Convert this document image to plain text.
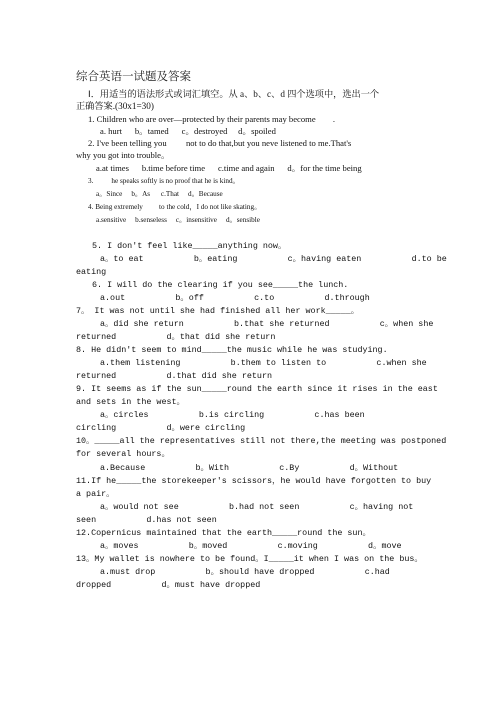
综合英语一试题及答案
Ⅰ．用适当的语法形式或词汇填空。从 a、b、c、d 四个选项中，选出一个
正确答案.(30x1=30)
1. Children who are over—protected by their parents may become        .
a. hurt      b。tamed      c。destroyed     d。spoiled
2. I've been telling you         not to do that,but you neve listened to me.That's
why you got into trouble。
a.at times      b.time before time      c.time and again      d。for the time being
3.          he speaks softly is no proof that he is kind。
a。Since     b。As      c.That     d。Because
4. Being extremely         to the cold，I do not like skating。
a.sensitive     b.senseless     c。insensitive     d。sensible
5. I don't feel like_____anything now。
a。to eat          b。eating          c。having eaten          d.to be
eating
6. I will do the clearing if you see_____the lunch.
a.out          b。off          c.to          d.through
7。 It was not until she had finished all her work_____。
a。did she return          b.that she returned          c。when she
returned          d。that did she return
8. He didn't seem to mind_____the music while he was studying.
a.them listening          b.them to listen to          c.when she
returned          d.that did she return
9. It seems as if the sun_____round the earth since it rises in the east
and sets in the west。
a。circles          b.is circling          c.has been
circling          d。were circling
10。_____all the representatives still not there,the meeting was postponed
for several hours。
a.Because          b。With          c.By          d。Without
11.If he_____the storekeeper's scissors，he would have forgotten to buy
a pair。
a。would not see          b.had not seen          c。having not
seen          d.has not seen
12.Copernicus maintained that the earth_____round the sun。
a。moves          b。moved          c.moving          d。move
13。My wallet is nowhere to be found。I_____it when I was on the bus。
a.must drop          b。should have dropped          c.had
dropped          d。must have dropped
